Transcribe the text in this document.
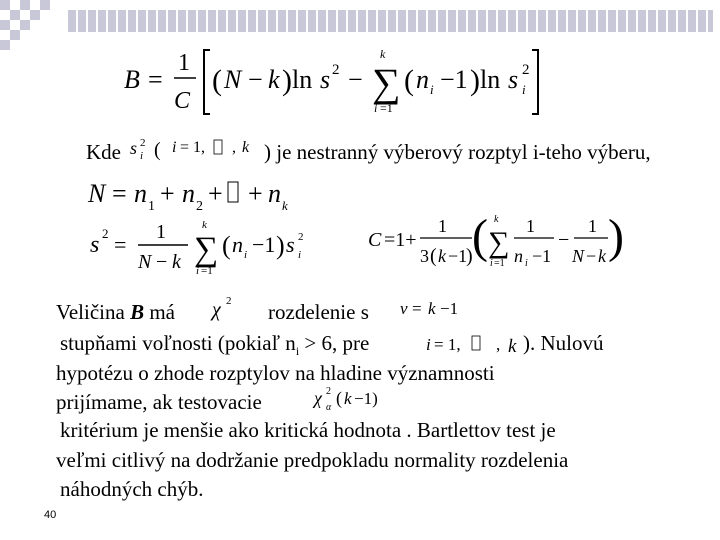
B =
1
C
( N − k ) ln s 2 − ∑
k
i =1
( n i −1 ) ln s 2
i
Kde s 2
i ( i = 1, , k ) je nestranný výberový rozptyl i-teho výberu,
N = n 1 + n 2 + + n k
s 2 = 1
N − k ∑
k
i =1
( n i −1 ) s 2
i
C =1+
1
3 ( k −1
) ( ∑
k
i =1
1
n i −1
−
1
N − k )
Veličina B má χ 2 rozdelenie s v = k −1
stupňami voľnosti (pokiaľ $n_i > 6$, pre	i = 1, , k ). Nulovú
hypotézu o zhode rozptylov na hladine významnosti
prijímame, ak testovacie	χ 2
α ( k −1)
kritérium je menšie ako kritická hodnota . Bartlettov test je
veľmi citlivý na dodržanie predpokladu normality rozdelenia
náhodných chýb.
40
